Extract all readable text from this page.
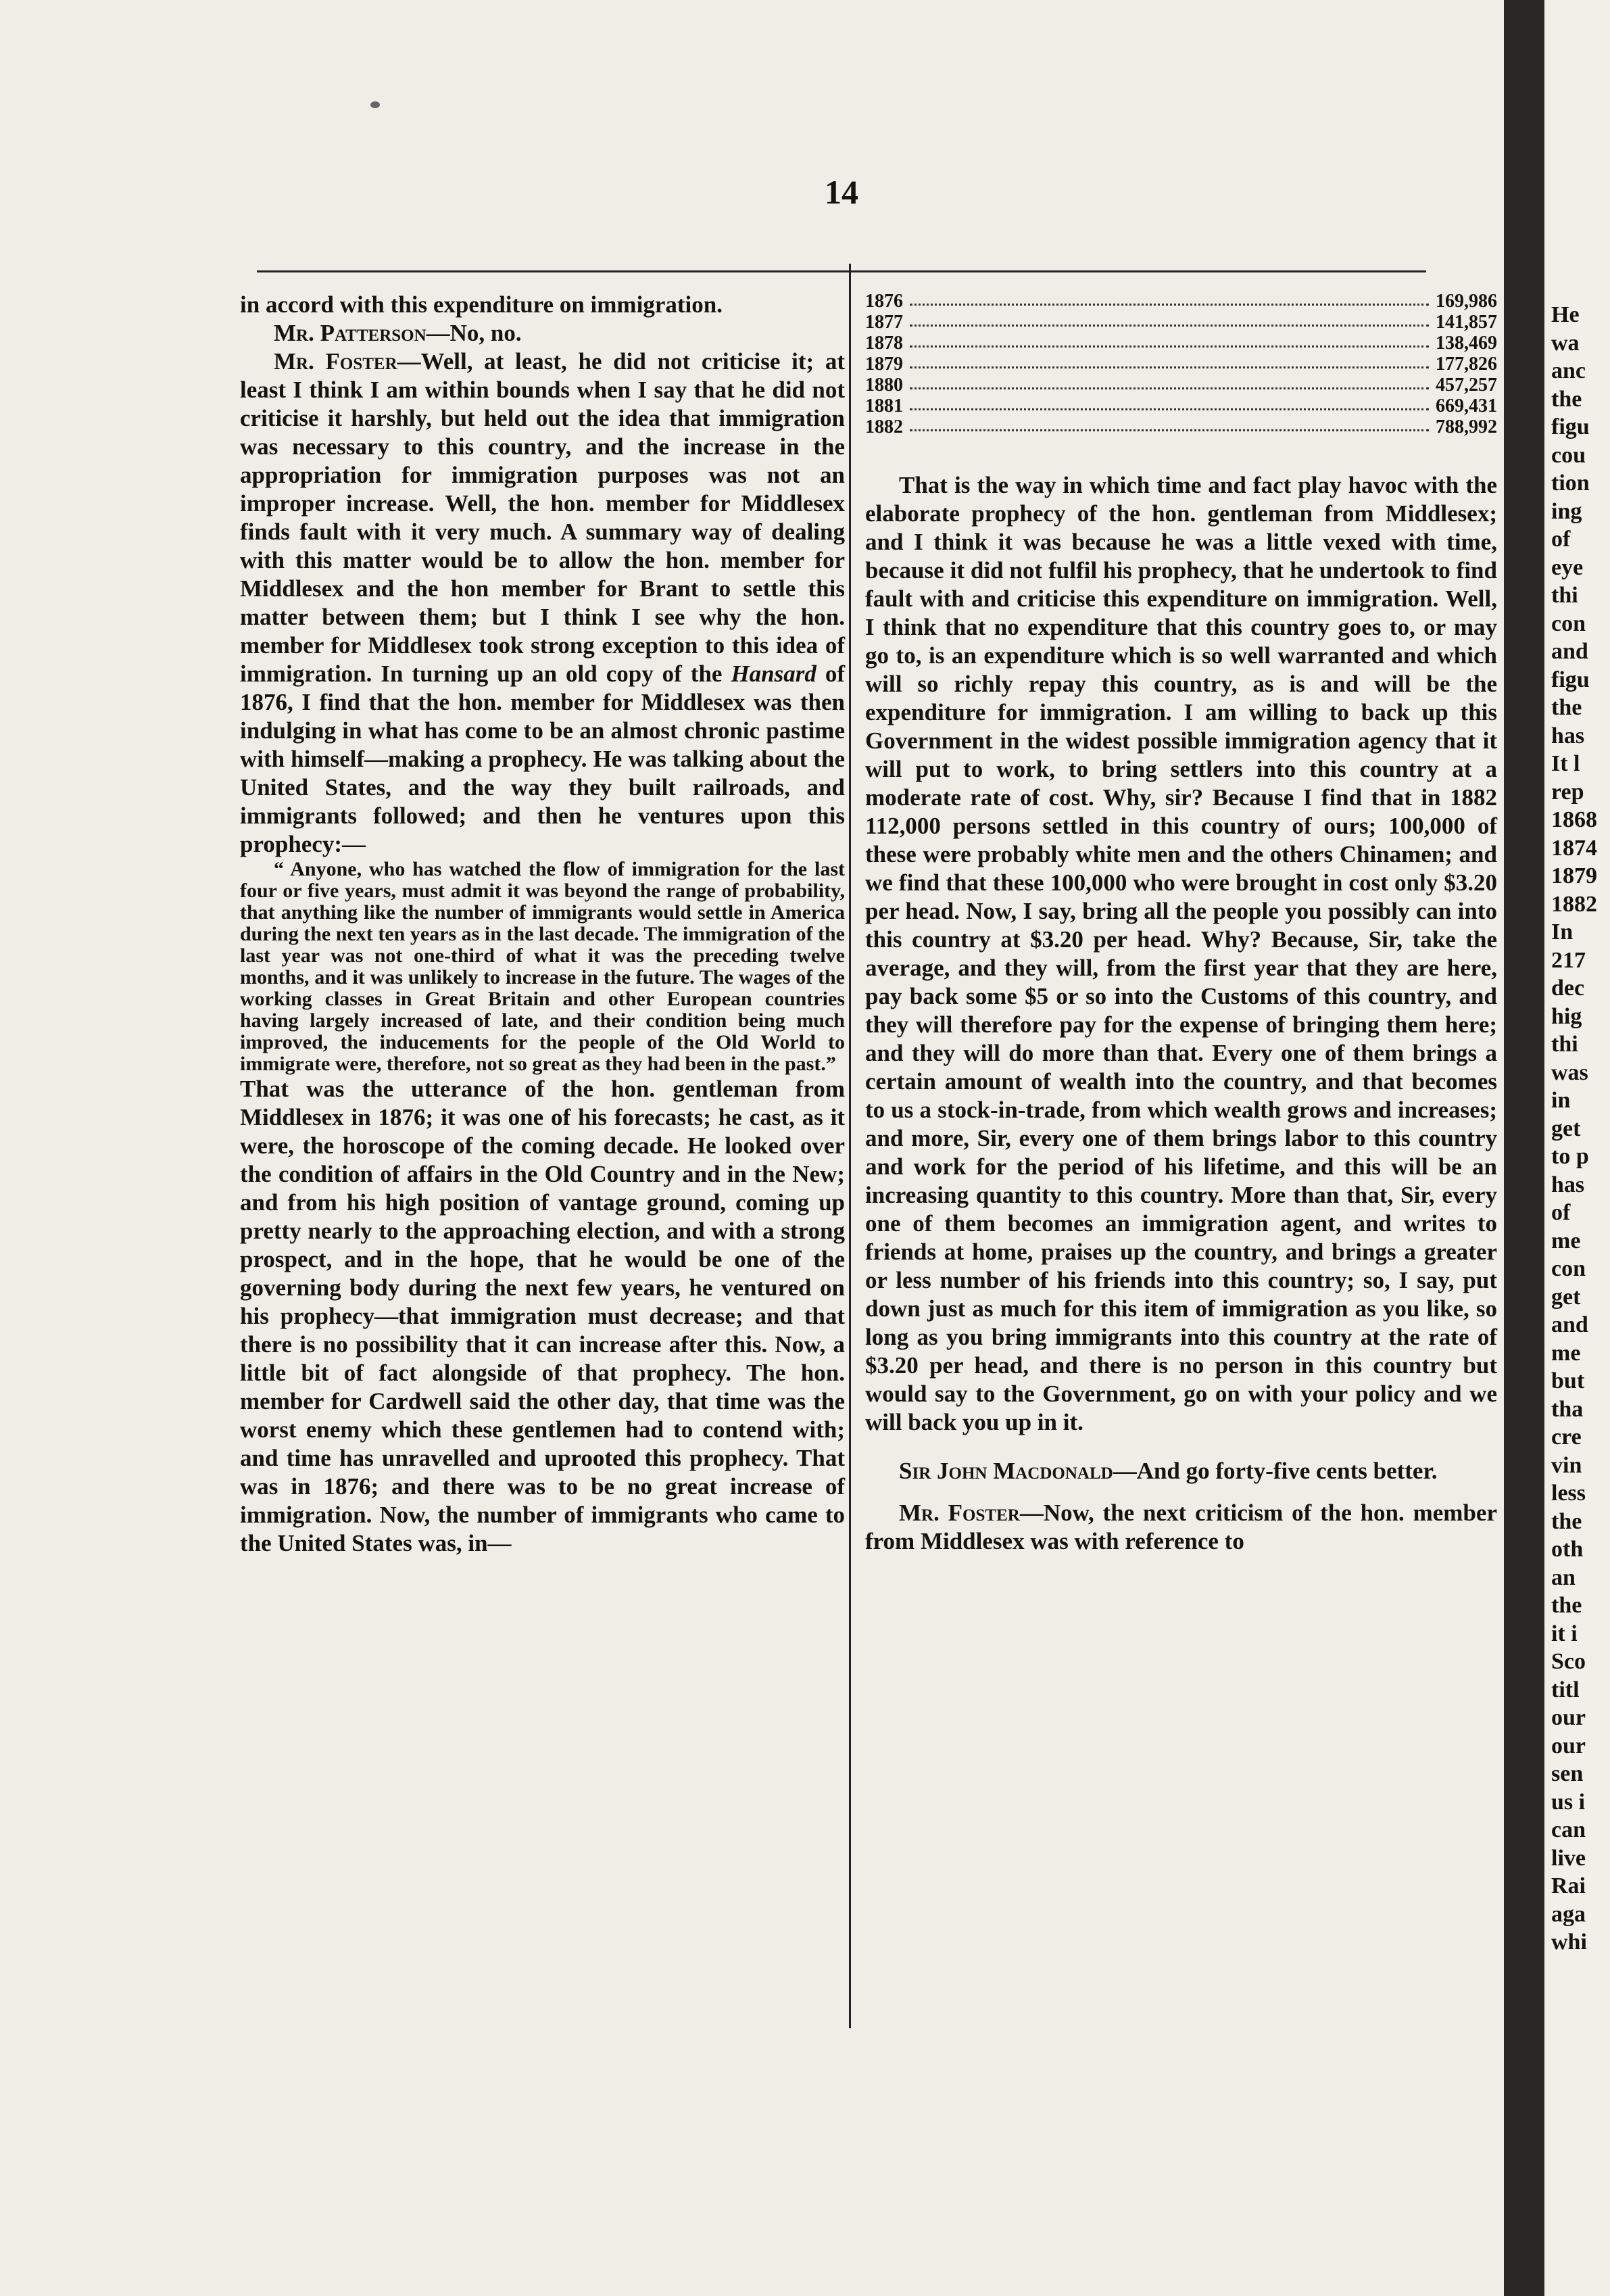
14

in accord with this expenditure on immigration.

Mr. Patterson—No, no.

Mr. Foster—Well, at least, he did not criticise it; at least I think I am within bounds when I say that he did not criticise it harshly, but held out the idea that immigration was necessary to this country, and the increase in the appropriation for immigration purposes was not an improper increase. Well, the hon. member for Middlesex finds fault with it very much. A summary way of dealing with this matter would be to allow the hon. member for Middlesex and the hon member for Brant to settle this matter between them; but I think I see why the hon. member for Middlesex took strong exception to this idea of immigration. In turning up an old copy of the Hansard of 1876, I find that the hon. member for Middlesex was then indulging in what has come to be an almost chronic pastime with himself—making a prophecy. He was talking about the United States, and the way they built railroads, and immigrants followed; and then he ventures upon this prophecy:—

“ Anyone, who has watched the flow of immigration for the last four or five years, must admit it was beyond the range of probability, that anything like the number of immigrants would settle in America during the next ten years as in the last decade. The immigration of the last year was not one-third of what it was the preceding twelve months, and it was unlikely to increase in the future. The wages of the working classes in Great Britain and other European countries having largely increased of late, and their condition being much improved, the inducements for the people of the Old World to immigrate were, therefore, not so great as they had been in the past.”

That was the utterance of the hon. gentleman from Middlesex in 1876; it was one of his forecasts; he cast, as it were, the horoscope of the coming decade. He looked over the condition of affairs in the Old Country and in the New; and from his high position of vantage ground, coming up pretty nearly to the approaching election, and with a strong prospect, and in the hope, that he would be one of the governing body during the next few years, he ventured on his prophecy—that immigration must decrease; and that there is no possibility that it can increase after this. Now, a little bit of fact alongside of that prophecy. The hon. member for Cardwell said the other day, that time was the worst enemy which these gentlemen had to contend with; and time has unravelled and uprooted this prophecy. That was in 1876; and there was to be no great increase of immigration. Now, the number of immigrants who came to the United States was, in—

1876	169,986
1877	141,857
1878	138,469
1879	177,826
1880	457,257
1881	669,431
1882	788,992

That is the way in which time and fact play havoc with the elaborate prophecy of the hon. gentleman from Middlesex; and I think it was because he was a little vexed with time, because it did not fulfil his prophecy, that he undertook to find fault with and criticise this expenditure on immigration. Well, I think that no expenditure that this country goes to, or may go to, is an expenditure which is so well warranted and which will so richly repay this country, as is and will be the expenditure for immigration. I am willing to back up this Government in the widest possible immigration agency that it will put to work, to bring settlers into this country at a moderate rate of cost. Why, sir? Because I find that in 1882 112,000 persons settled in this country of ours; 100,000 of these were probably white men and the others Chinamen; and we find that these 100,000 who were brought in cost only $3.20 per head. Now, I say, bring all the people you possibly can into this country at $3.20 per head. Why? Because, Sir, take the average, and they will, from the first year that they are here, pay back some $5 or so into the Customs of this country, and they will therefore pay for the expense of bringing them here; and they will do more than that. Every one of them brings a certain amount of wealth into the country, and that becomes to us a stock-in-trade, from which wealth grows and increases; and more, Sir, every one of them brings labor to this country and work for the period of his lifetime, and this will be an increasing quantity to this country. More than that, Sir, every one of them becomes an immigration agent, and writes to friends at home, praises up the country, and brings a greater or less number of his friends into this country; so, I say, put down just as much for this item of immigration as you like, so long as you bring immigrants into this country at the rate of $3.20 per head, and there is no person in this country but would say to the Government, go on with your policy and we will back you up in it.

Sir John Macdonald—And go forty-five cents better.

Mr. Foster—Now, the next criticism of the hon. member from Middlesex was with reference to

He
wa
anc
the
figu
cou
tion
ing
of
eye
thi
con
and
figu
the
has
It l
rep
1868
1874
1879
1882
In
217
dec
hig
thi
was
in
get
to p
has
of
me
con
get
and
me
but
tha
cre
vin
less
the
oth
an
the
it i
Sco
titl
our
our
sen
us i
can
live
Rai
aga
whi
